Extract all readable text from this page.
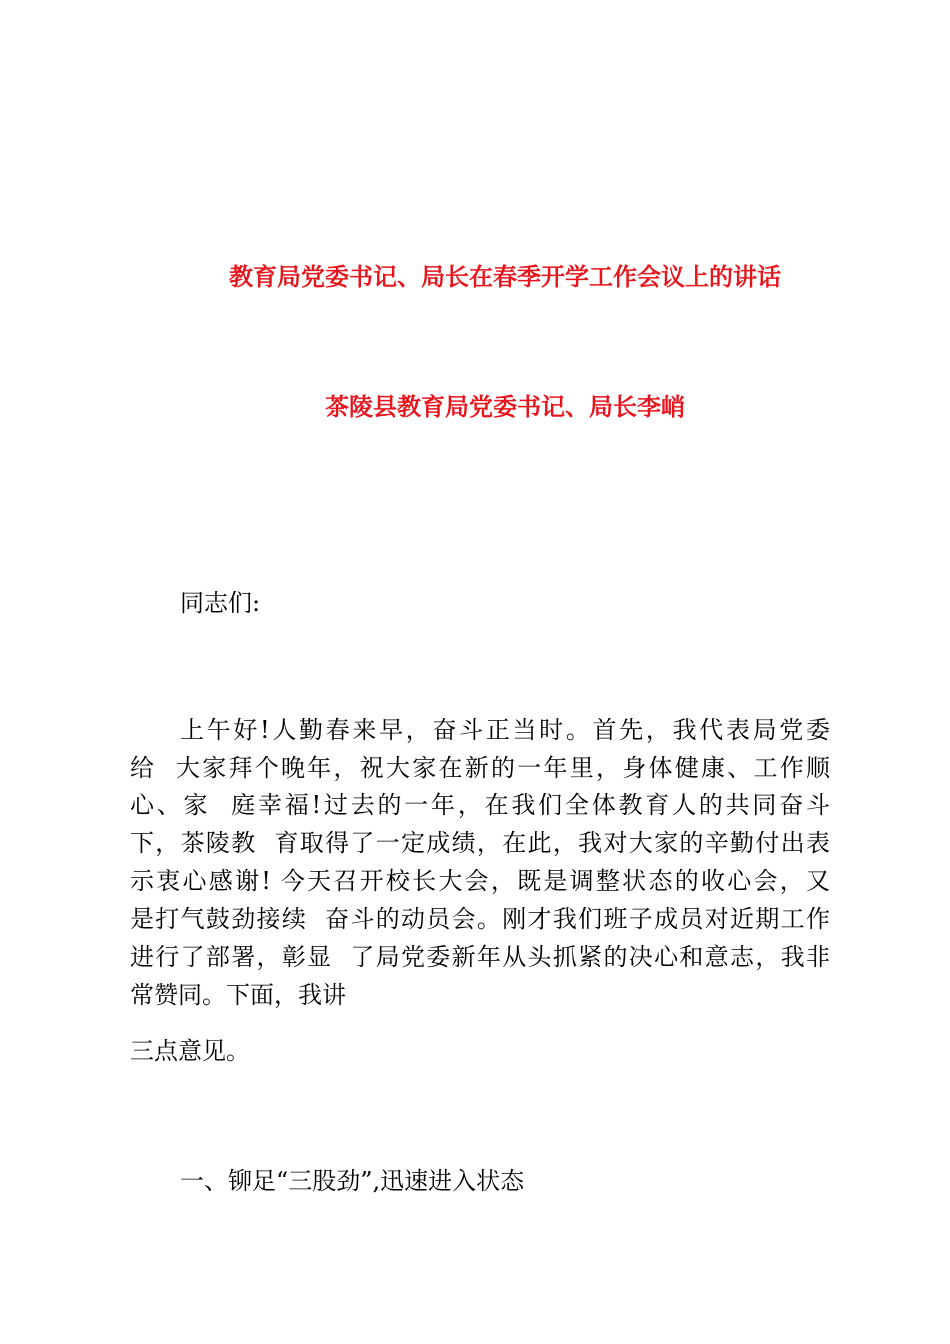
教育局党委书记、局长在春季开学工作会议上的讲话
茶陵县教育局党委书记、局长李峭
同志们:
上午好!人勤春来早，奋斗正当时。首先，我代表局党委
给  大家拜个晚年，祝大家在新的一年里，身体健康、工作顺
心、家  庭幸福!过去的一年，在我们全体教育人的共同奋斗
下，茶陵教  育取得了一定成绩，在此，我对大家的辛勤付出表
示衷心感谢! 今天召开校长大会，既是调整状态的收心会，又
是打气鼓劲接续  奋斗的动员会。刚才我们班子成员对近期工作
进行了部署，彰显  了局党委新年从头抓紧的决心和意志，我非
常赞同。下面，我讲
三点意见。
一、铆足“三股劲”,迅速进入状态
